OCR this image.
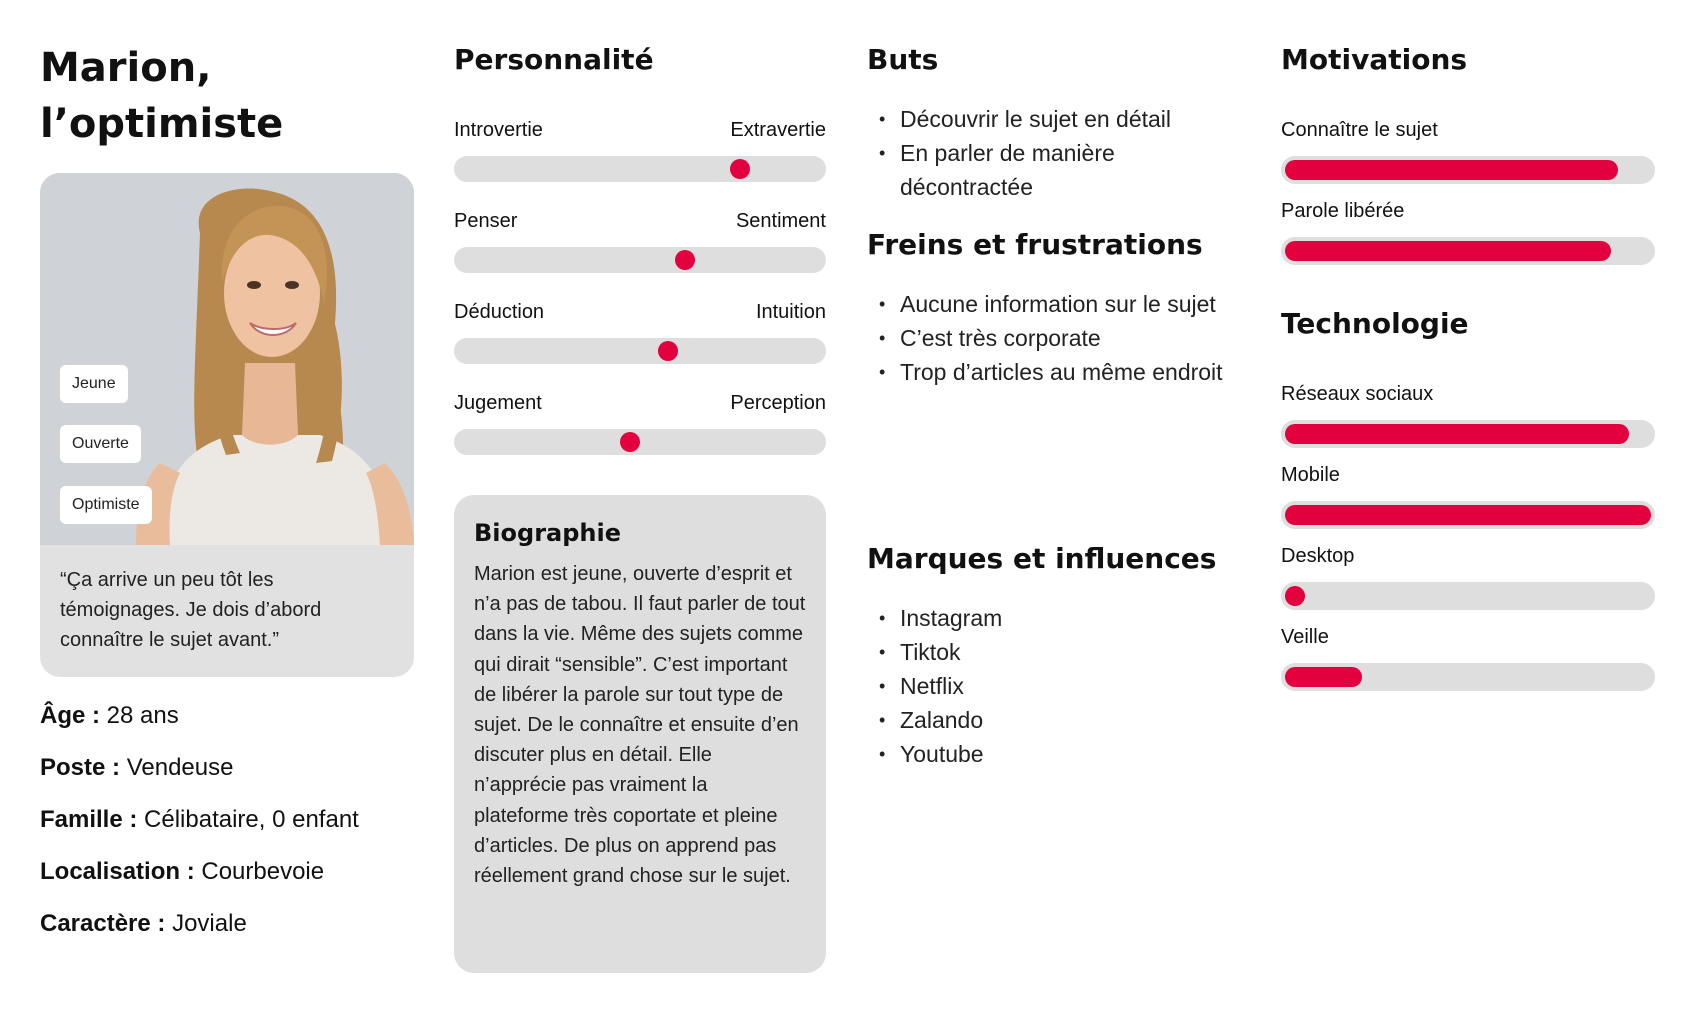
Marion,
l’optimiste
Jeune
Ouverte
Optimiste

“Ça arrive un peu tôt les témoignages. Je dois d’abord connaître le sujet avant.”

Âge : 28 ans
Poste : Vendeuse
Famille : Célibataire, 0 enfant
Localisation : Courbevoie
Caractère : Joviale
Personnalité
Introvertie	Extravertie
Penser	Sentiment
Déduction	Intuition
Jugement	Perception
Biographie

Marion est jeune, ouverte d’esprit et n’a pas de tabou. Il faut parler de tout dans la vie. Même des sujets comme qui dirait “sensible”. C’est important de libérer la parole sur tout type de sujet. De le connaître et ensuite d’en discuter plus en détail. Elle n’apprécie pas vraiment la plateforme très coportate et pleine d’articles. De plus on apprend pas réellement grand chose sur le sujet.

Buts
• Découvrir le sujet en détail
• En parler de manière décontractée
Freins et frustrations
• Aucune information sur le sujet
• C’est très corporate
• Trop d’articles au même endroit
Marques et influences
• Instagram
• Tiktok
• Netflix
• Zalando
• Youtube
Motivations
Connaître le sujet
Parole libérée
Technologie
Réseaux sociaux
Mobile
Desktop
Veille
